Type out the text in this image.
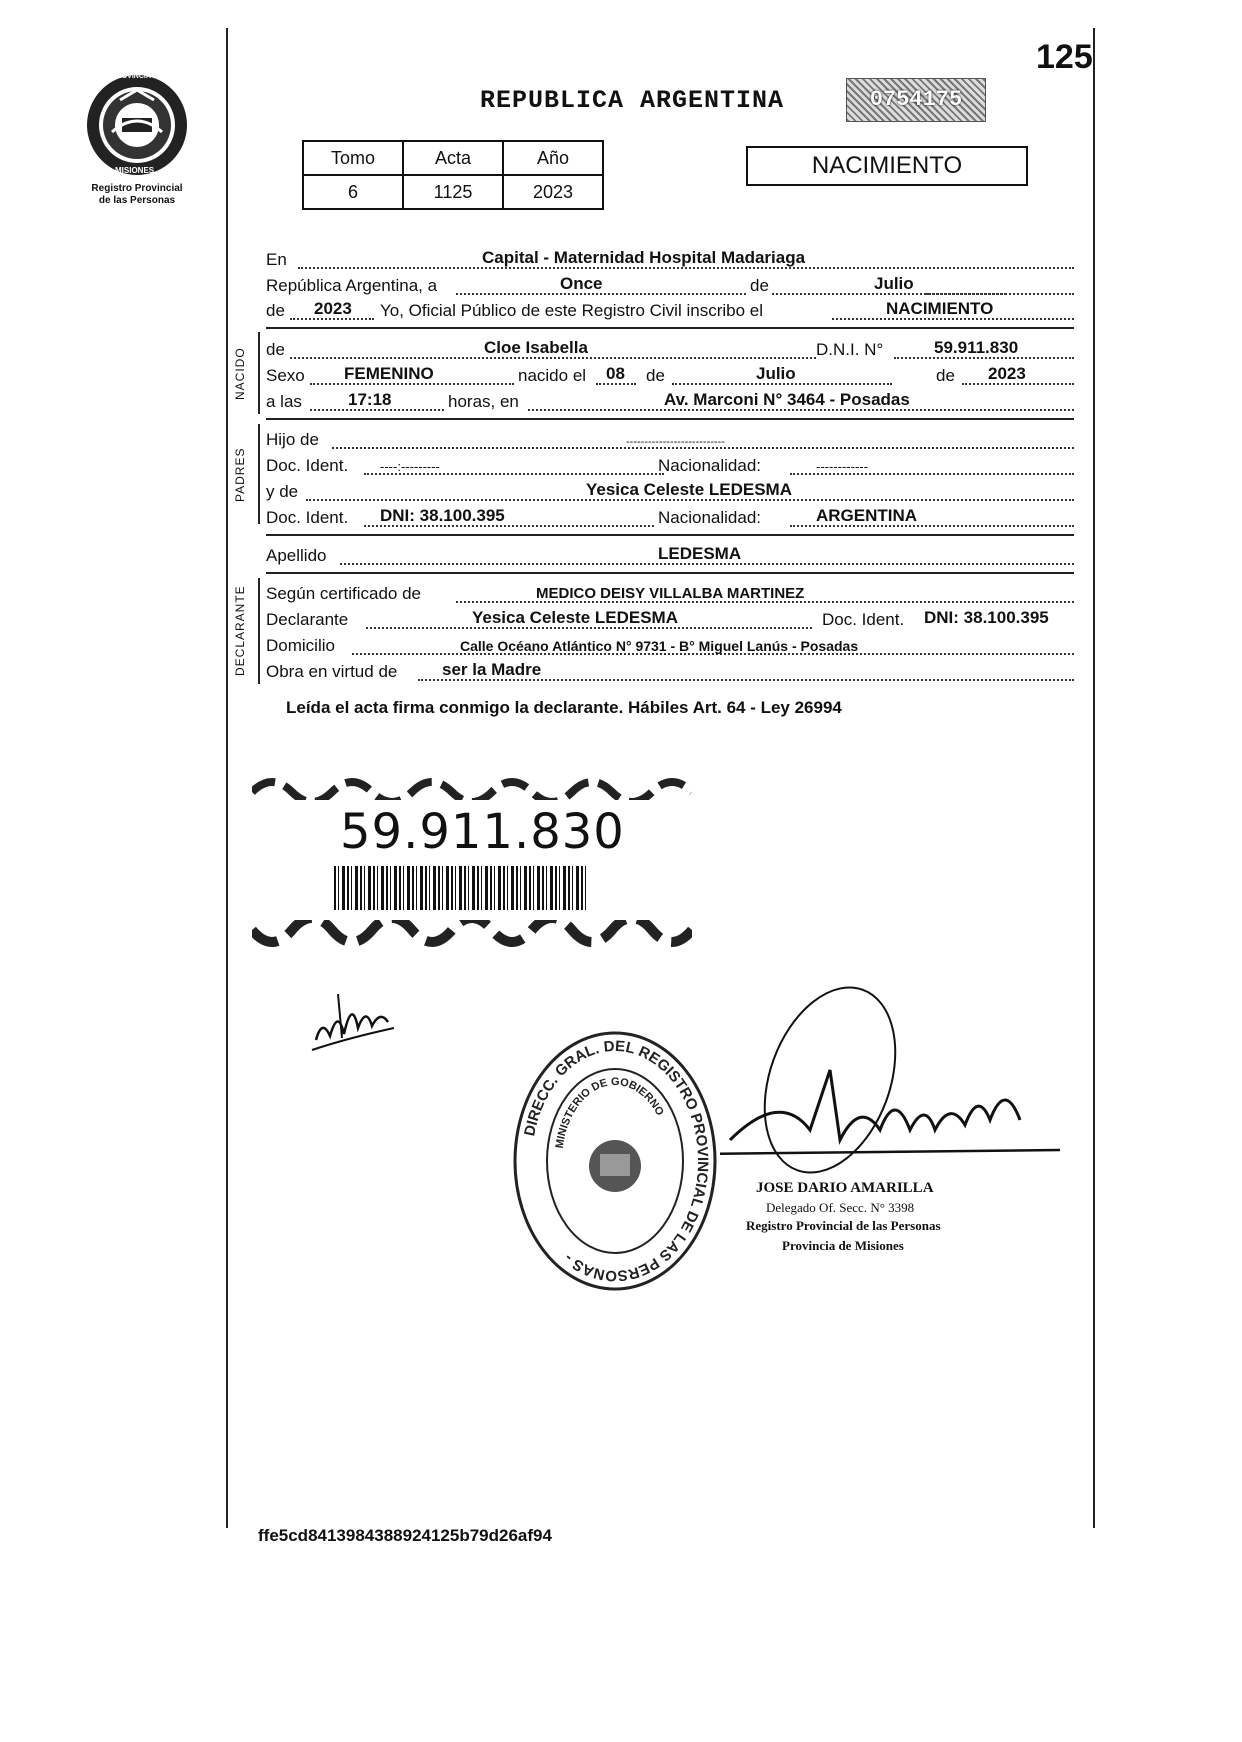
PROVINCIA DE
MISIONES
Registro Provincial
de las Personas
REPUBLICA ARGENTINA
125
0754175
Tomo	Acta	Año
6	1125	2023
NACIMIENTO
En	Capital - Maternidad Hospital Madariaga
República Argentina, a	Once	de	Julio
de 2023 Yo, Oficial Público de este Registro Civil inscribo el	NACIMIENTO
NACIDO de	Cloe Isabella	D.N.I. N°	59.911.830
Sexo FEMENINO	nacido el 08 de	Julio	de 2023
a las	17:18	horas, en	Av. Marconi N° 3464 - Posadas
PADRES
Hijo de	---------------------------
Doc. Ident. ----:---------	Nacionalidad:	------------
y de	Yesica Celeste LEDESMA
Doc. Ident. DNI: 38.100.395	Nacionalidad:	ARGENTINA
Apellido	LEDESMA
DECLARANTE Según certificado de	MEDICO DEISY VILLALBA MARTINEZ
Declarante	Yesica Celeste LEDESMA	Doc. Ident. DNI: 38.100.395
Domicilio	Calle Océano Atlántico N° 9731 - B° Miguel Lanús - Posadas
Obra en virtud de	ser la Madre
Leída el acta firma conmigo la declarante. Hábiles Art. 64 - Ley 26994
59.911.830
DIRECC. GRAL. DEL REGISTRO PROVINCIAL DE LAS PERSONAS -
MINISTERIO DE GOBIERNO
JOSE DARIO AMARILLA
Delegado Of. Secc. N° 3398
Registro Provincial de las Personas
Provincia de Misiones
ffe5cd8413984388924125b79d26af94
